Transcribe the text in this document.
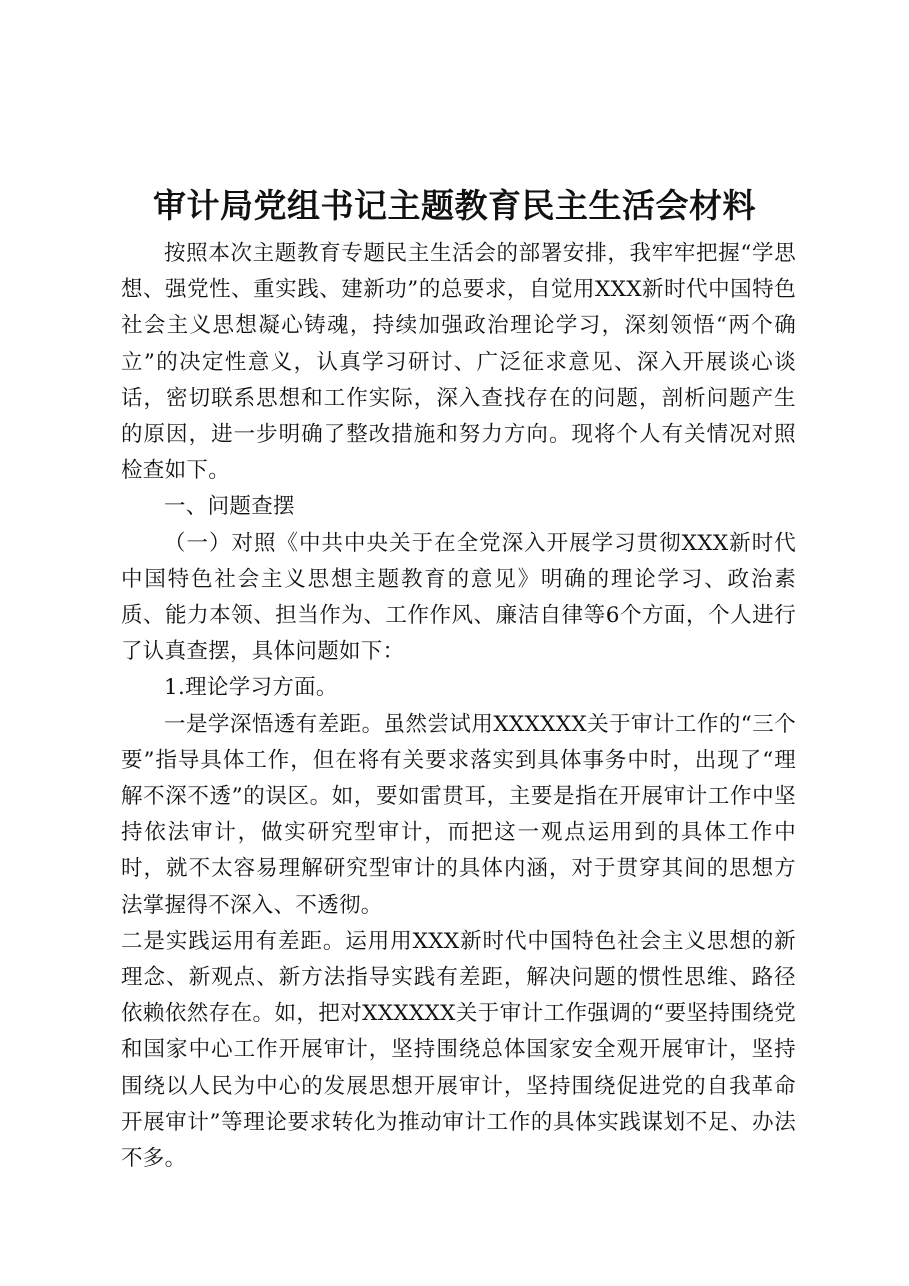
审计局党组书记主题教育民主生活会材料

按照本次主题教育专题民主生活会的部署安排，我牢牢把握“学思想、强党性、重实践、建新功”的总要求，自觉用XXX新时代中国特色社会主义思想凝心铸魂，持续加强政治理论学习，深刻领悟“两个确立”的决定性意义，认真学习研讨、广泛征求意见、深入开展谈心谈话，密切联系思想和工作实际，深入查找存在的问题，剖析问题产生的原因，进一步明确了整改措施和努力方向。现将个人有关情况对照检查如下。

一、问题查摆

（一）对照《中共中央关于在全党深入开展学习贯彻XXX新时代中国特色社会主义思想主题教育的意见》明确的理论学习、政治素质、能力本领、担当作为、工作作风、廉洁自律等6个方面，个人进行了认真查摆，具体问题如下：

1.理论学习方面。

一是学深悟透有差距。虽然尝试用XXXXXX关于审计工作的“三个要”指导具体工作，但在将有关要求落实到具体事务中时，出现了“理解不深不透”的误区。如，要如雷贯耳，主要是指在开展审计工作中坚持依法审计，做实研究型审计，而把这一观点运用到的具体工作中时，就不太容易理解研究型审计的具体内涵，对于贯穿其间的思想方法掌握得不深入、不透彻。

二是实践运用有差距。运用用XXX新时代中国特色社会主义思想的新理念、新观点、新方法指导实践有差距，解决问题的惯性思维、路径依赖依然存在。如，把对XXXXXX关于审计工作强调的“要坚持围绕党和国家中心工作开展审计，坚持围绕总体国家安全观开展审计，坚持围绕以人民为中心的发展思想开展审计，坚持围绕促进党的自我革命开展审计”等理论要求转化为推动审计工作的具体实践谋划不足、办法不多。
